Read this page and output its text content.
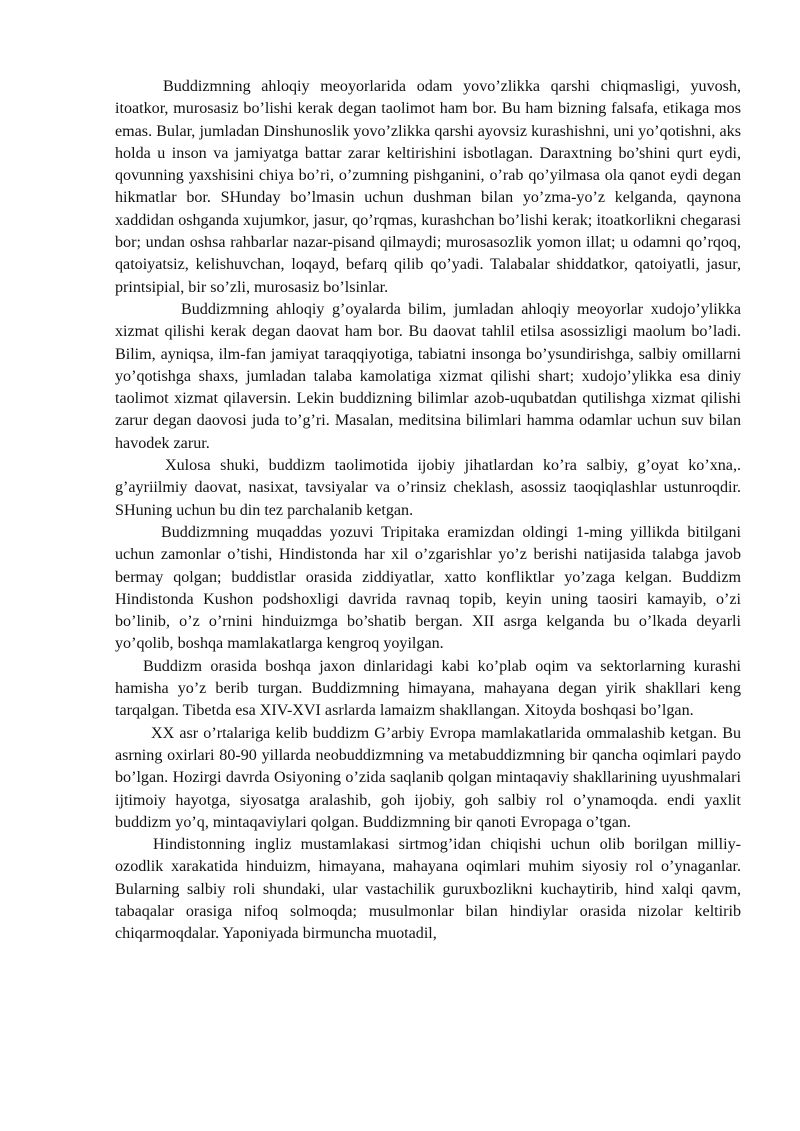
Buddizmning ahloqiy meoyorlarida odam yovo’zlikka qarshi chiqmasligi, yuvosh, itoatkor, murosasiz bo’lishi kerak degan taolimot ham bor. Bu ham bizning falsafa, etikaga mos emas. Bular, jumladan Dinshunoslik yovo’zlikka qarshi ayovsiz kurashishni, uni yo’qotishni, aks holda u inson va jamiyatga battar zarar keltirishini isbotlagan. Daraxtning bo’shini qurt eydi, qovunning yaxshisini chiya bo’ri, o’zumning pishganini, o’rab qo’yilmasa ola qanot eydi degan hikmatlar bor. SHunday bo’lmasin uchun dushman bilan yo’zma-yo’z kelganda, qaynona xaddidan oshganda xujumkor, jasur, qo’rqmas, kurashchan bo’lishi kerak; itoatkorlikni chegarasi bor; undan oshsa rahbarlar nazar-pisand qilmaydi; murosasozlik yomon illat; u odamni qo’rqoq, qatoiyatsiz, kelishuvchan, loqayd, befarq qilib qo’yadi. Talabalar shiddatkor, qatoiyatli, jasur, printsipial, bir so’zli, murosasiz bo’lsinlar.

Buddizmning ahloqiy g’oyalarda bilim, jumladan ahloqiy meoyorlar xudojo’ylikka xizmat qilishi kerak degan daovat ham bor. Bu daovat tahlil etilsa asossizligi maolum bo’ladi. Bilim, ayniqsa, ilm-fan jamiyat taraqqiyotiga, tabiatni insonga bo’ysundirishga, salbiy omillarni yo’qotishga shaxs, jumladan talaba kamolatiga xizmat qilishi shart; xudojo’ylikka esa diniy taolimot xizmat qilaversin. Lekin buddizning bilimlar azob-uqubatdan qutilishga xizmat qilishi zarur degan daovosi juda to’g’ri. Masalan, meditsina bilimlari hamma odamlar uchun suv bilan havodek zarur.

Xulosa shuki, buddizm taolimotida ijobiy jihatlardan ko’ra salbiy, g’oyat ko’xna,. g’ayriilmiy daovat, nasixat, tavsiyalar va o’rinsiz cheklash, asossiz taoqiqlashlar ustunroqdir. SHuning uchun bu din tez parchalanib ketgan.

Buddizmning muqaddas yozuvi Tripitaka eramizdan oldingi 1-ming yillikda bitilgani uchun zamonlar o’tishi, Hindistonda har xil o’zgarishlar yo’z berishi natijasida talabga javob bermay qolgan; buddistlar orasida ziddiyatlar, xatto konfliktlar yo’zaga kelgan. Buddizm Hindistonda Kushon podshoxligi davrida ravnaq topib, keyin uning taosiri kamayib, o’zi bo’linib, o’z o’rnini hinduizmga bo’shatib bergan. XII asrga kelganda bu o’lkada deyarli yo’qolib, boshqa mamlakatlarga kengroq yoyilgan.

Buddizm orasida boshqa jaxon dinlaridagi kabi ko’plab oqim va sektorlarning kurashi hamisha yo’z berib turgan. Buddizmning himayana, mahayana degan yirik shakllari keng tarqalgan. Tibetda esa XIV-XVI asrlarda lamaizm shakllangan. Xitoyda boshqasi bo’lgan.

XX asr o’rtalariga kelib buddizm G’arbiy Evropa mamlakatlarida ommalashib ketgan. Bu asrning oxirlari 80-90 yillarda neobuddizmning va metabuddizmning bir qancha oqimlari paydo bo’lgan. Hozirgi davrda Osiyoning o’zida saqlanib qolgan mintaqaviy shakllarining uyushmalari ijtimoiy hayotga, siyosatga aralashib, goh ijobiy, goh salbiy rol o’ynamoqda. endi yaxlit buddizm yo’q, mintaqaviylari qolgan. Buddizmning bir qanoti Evropaga o’tgan.

Hindistonning ingliz mustamlakasi sirtmog’idan chiqishi uchun olib borilgan milliy-ozodlik xarakatida hinduizm, himayana, mahayana oqimlari muhim siyosiy rol o’ynaganlar. Bularning salbiy roli shundaki, ular vastachilik guruxbozlikni kuchaytirib, hind xalqi qavm, tabaqalar orasiga nifoq solmoqda; musulmonlar bilan hindiylar orasida nizolar keltirib chiqarmoqdalar. Yaponiyada birmuncha muotadil,
